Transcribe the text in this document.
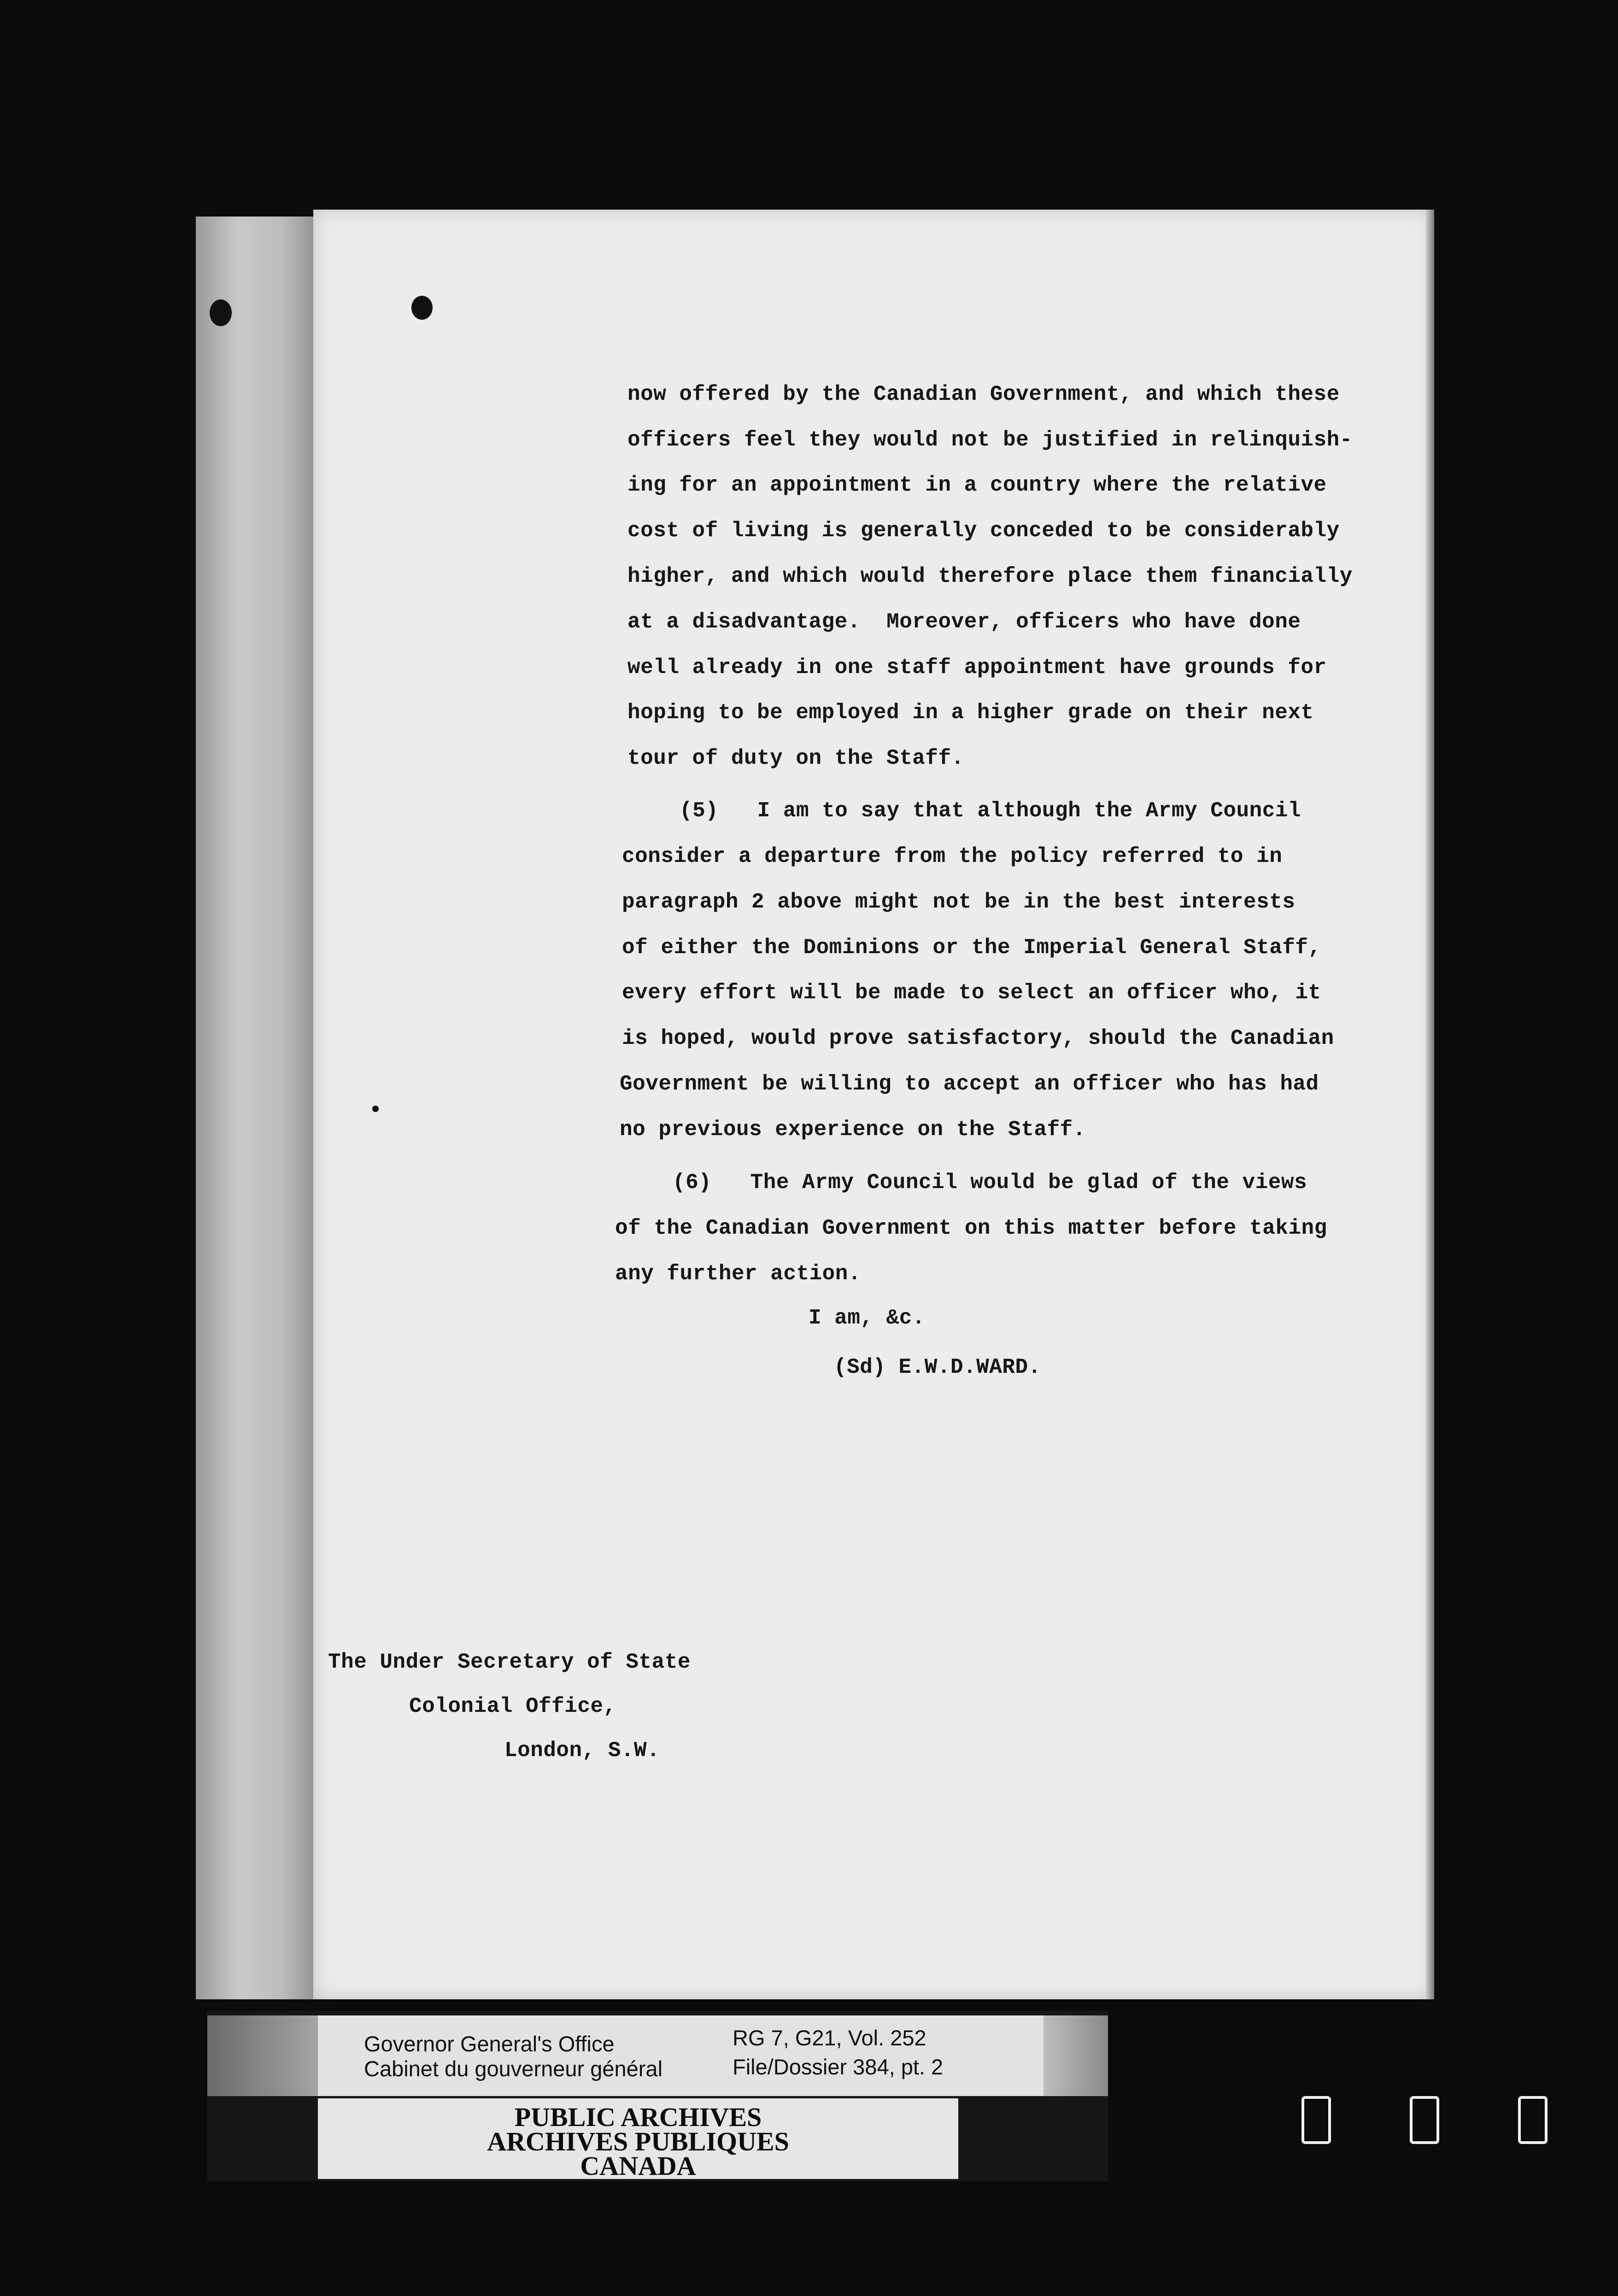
now offered by the Canadian Government, and which these
officers feel they would not be justified in relinquish-
ing for an appointment in a country where the relative
cost of living is generally conceded to be considerably
higher, and which would therefore place them financially
at a disadvantage.  Moreover, officers who have done
well already in one staff appointment have grounds for
hoping to be employed in a higher grade on their next
tour of duty on the Staff.
(5)   I am to say that although the Army Council
consider a departure from the policy referred to in
paragraph 2 above might not be in the best interests
of either the Dominions or the Imperial General Staff,
every effort will be made to select an officer who, it
is hoped, would prove satisfactory, should the Canadian
Government be willing to accept an officer who has had
no previous experience on the Staff.
(6)   The Army Council would be glad of the views
of the Canadian Government on this matter before taking
any further action.
I am, &c.
(Sd) E.W.D.WARD.
The Under Secretary of State
Colonial Office,
London, S.W.
Governor General's Office
Cabinet du gouverneur général
RG 7, G21, Vol. 252
File/Dossier 384, pt. 2
PUBLIC ARCHIVES
ARCHIVES PUBLIQUES
CANADA
